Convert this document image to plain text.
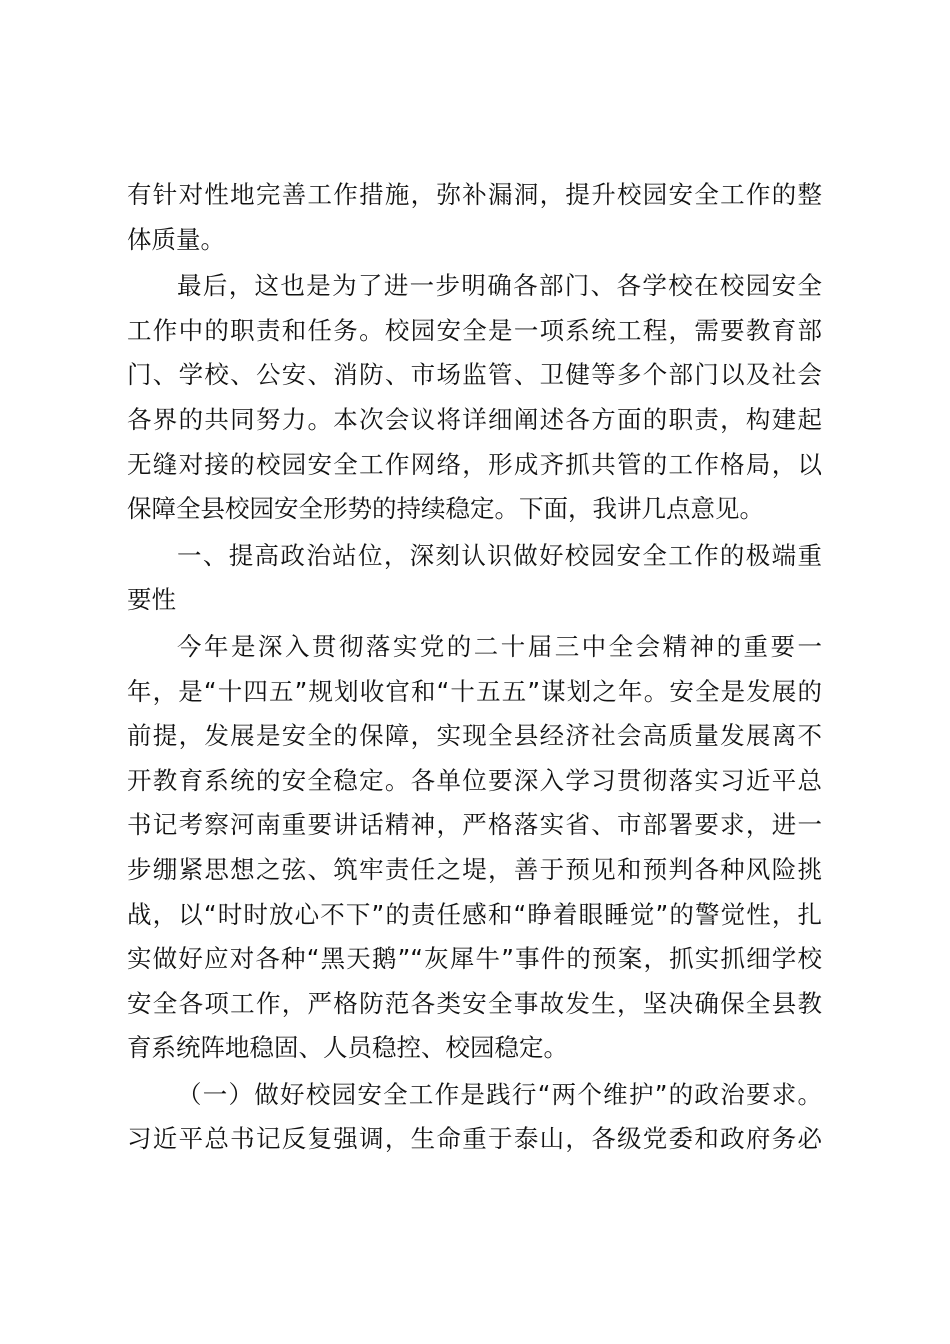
有针对性地完善工作措施，弥补漏洞，提升校园安全工作的整
体质量。
最后，这也是为了进一步明确各部门、各学校在校园安全
工作中的职责和任务。校园安全是一项系统工程，需要教育部
门、学校、公安、消防、市场监管、卫健等多个部门以及社会
各界的共同努力。本次会议将详细阐述各方面的职责，构建起
无缝对接的校园安全工作网络，形成齐抓共管的工作格局，以
保障全县校园安全形势的持续稳定。下面，我讲几点意见。
一、提高政治站位，深刻认识做好校园安全工作的极端重
要性
今年是深入贯彻落实党的二十届三中全会精神的重要一
年，是“十四五”规划收官和“十五五”谋划之年。安全是发展的
前提，发展是安全的保障，实现全县经济社会高质量发展离不
开教育系统的安全稳定。各单位要深入学习贯彻落实习近平总
书记考察河南重要讲话精神，严格落实省、市部署要求，进一
步绷紧思想之弦、筑牢责任之堤，善于预见和预判各种风险挑
战，以“时时放心不下”的责任感和“睁着眼睡觉”的警觉性，扎
实做好应对各种“黑天鹅”“灰犀牛”事件的预案，抓实抓细学校
安全各项工作，严格防范各类安全事故发生，坚决确保全县教
育系统阵地稳固、人员稳控、校园稳定。
（一）做好校园安全工作是践行“两个维护”的政治要求。
习近平总书记反复强调，生命重于泰山，各级党委和政府务必
